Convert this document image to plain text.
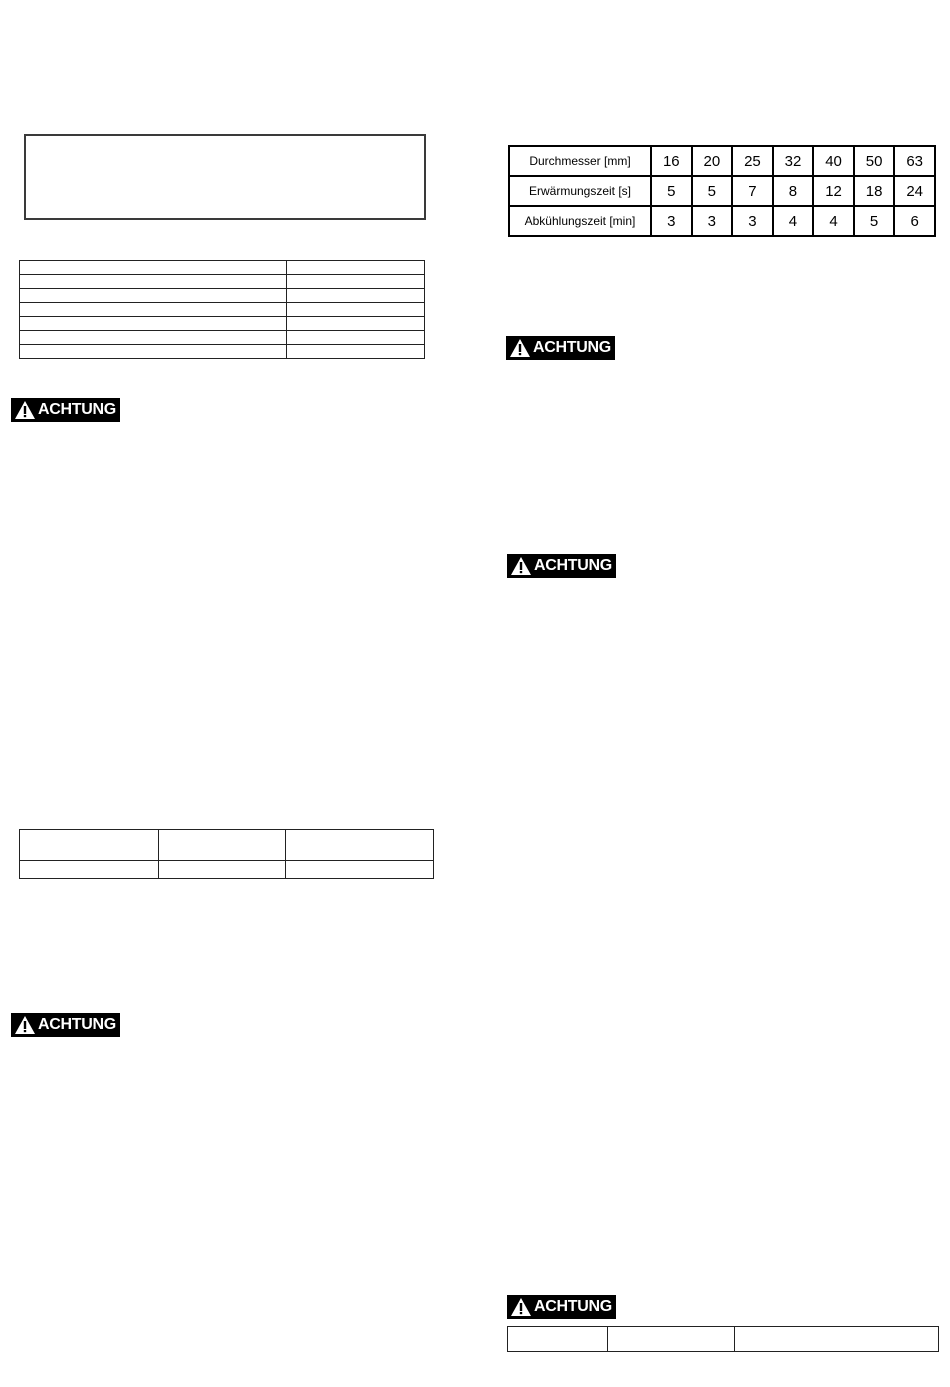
ACHTUNG

ACHTUNG
Durchmesser [mm]	16	20	25	32	40	50	63
Erwärmungszeit [s]	5	5	7	8	12	18	24
Abkühlungszeit [min]	3	3	3	4	4	5	6
ACHTUNG
ACHTUNG
ACHTUNG
